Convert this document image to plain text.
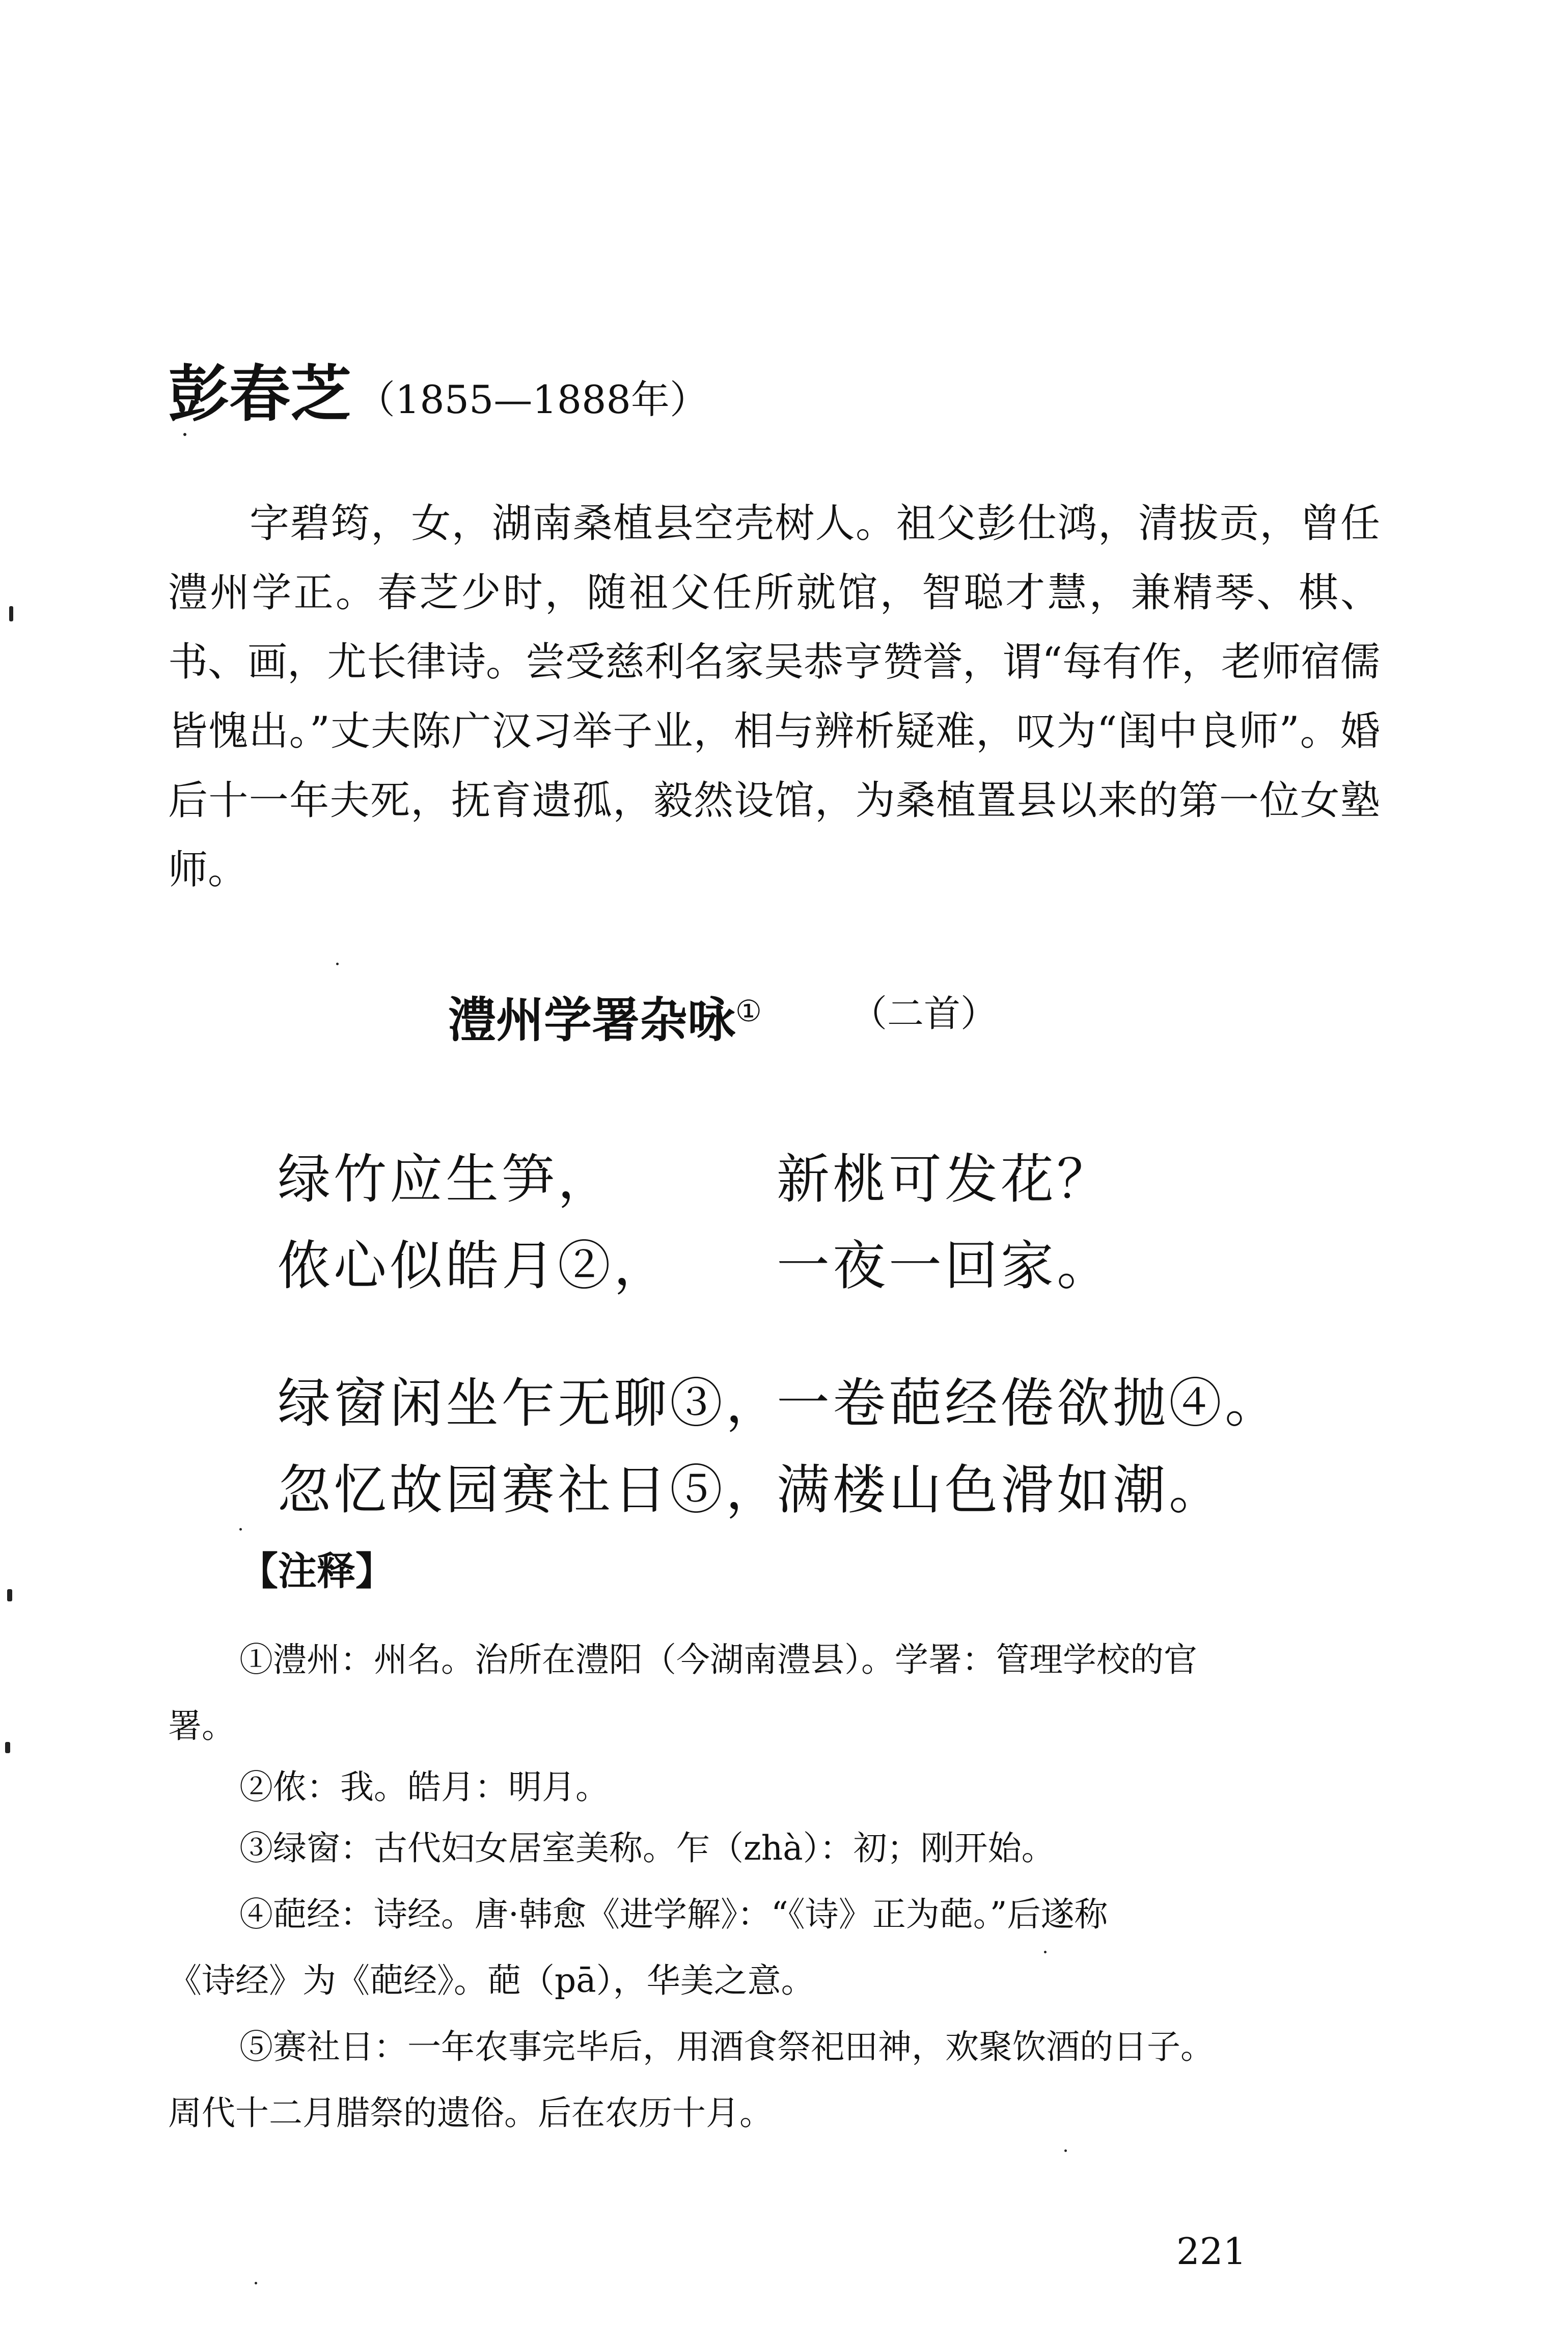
彭春芝 （1855—1888年）
字碧筠，女，湖南桑植县空壳树人。祖父彭仕鸿，清拔贡，曾任澧州学正。春芝少时，随祖父任所就馆，智聪才慧，兼精琴、棋、书、画，尤长律诗。尝受慈利名家吴恭亨赞誉，谓“每有作，老师宿儒皆愧出。”丈夫陈广汉习举子业，相与辨析疑难，叹为“闺中良师”。婚后十一年夫死，抚育遗孤，毅然设馆，为桑植置县以来的第一位女塾师。
澧州学署杂咏① （二首）
绿竹应生笋，	新桃可发花？
侬心似皓月②， 一夜一回家。
绿窗闲坐乍无聊③，
一卷葩经倦欲抛④。
忽忆故园赛社日⑤，
满楼山色滑如潮。
【注释】
①澧州：州名。治所在澧阳（今湖南澧县）。学署：管理学校的官
署。
②侬：我。皓月：明月。
③绿窗：古代妇女居室美称。乍（zhà）：初；刚开始。
④葩经：诗经。唐·韩愈《进学解》：“《诗》正为葩。”后遂称
《诗经》为《葩经》。葩（pā），华美之意。
⑤赛社日：一年农事完毕后，用酒食祭祀田神，欢聚饮酒的日子。
周代十二月腊祭的遗俗。后在农历十月。
221
